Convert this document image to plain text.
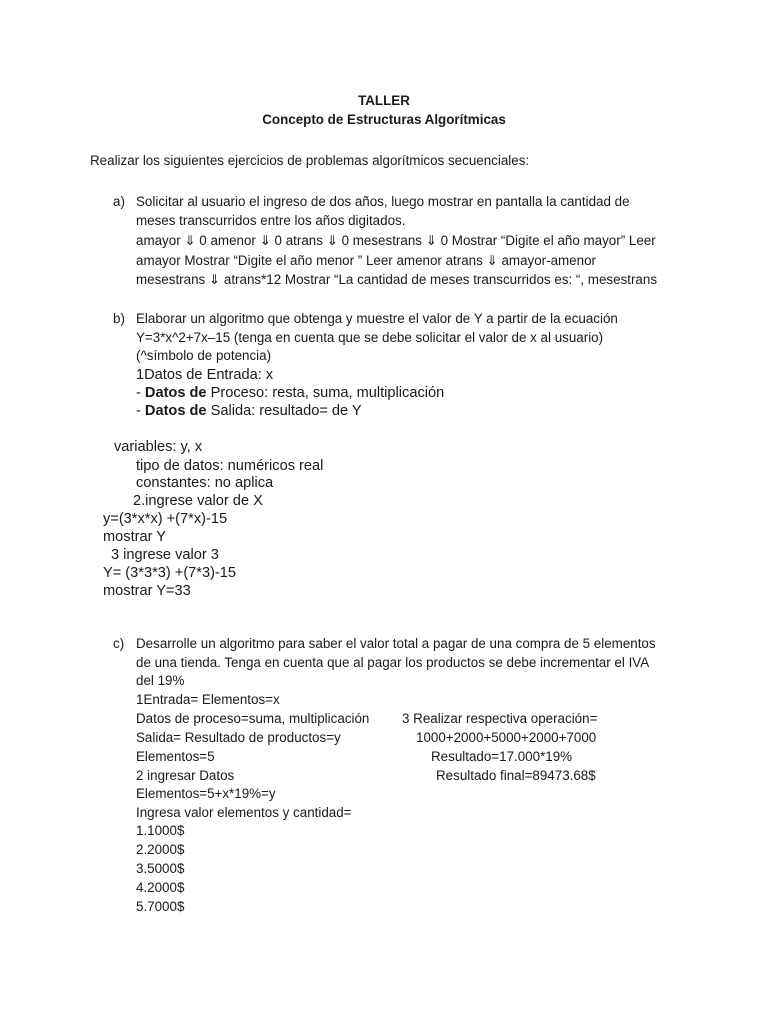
TALLER
Concepto de Estructuras Algorítmicas
Realizar los siguientes ejercicios de problemas algorítmicos secuenciales:
a) Solicitar al usuario el ingreso de dos años, luego mostrar en pantalla la cantidad de
meses transcurridos entre los años digitados.
amayor ⇓ 0 amenor ⇓ 0 atrans ⇓ 0 mesestrans ⇓ 0 Mostrar “Digite el año mayor” Leer
amayor Mostrar “Digite el año menor ” Leer amenor atrans ⇓ amayor-amenor
mesestrans ⇓ atrans*12 Mostrar “La cantidad de meses transcurridos es: “, mesestrans
b) Elaborar un algoritmo que obtenga y muestre el valor de Y a partir de la ecuación
Y=3*x^2+7x–15 (tenga en cuenta que se debe solicitar el valor de x al usuario)
(^símbolo de potencia)
1Datos de Entrada: x
- Datos de Proceso: resta, suma, multiplicación
- Datos de Salida: resultado= de Y
variables: y, x
tipo de datos: numéricos real
constantes: no aplica
2.ingrese valor de X
y=(3*x*x) +(7*x)-15
mostrar Y
3 ingrese valor 3
Y= (3*3*3) +(7*3)-15
mostrar Y=33
c) Desarrolle un algoritmo para saber el valor total a pagar de una compra de 5 elementos
de una tienda. Tenga en cuenta que al pagar los productos se debe incrementar el IVA
del 19%
1Entrada= Elementos=x
Datos de proceso=suma, multiplicación
Salida= Resultado de productos=y
Elementos=5
2 ingresar Datos
Elementos=5+x*19%=y
Ingresa valor elementos y cantidad=
1.1000$
2.2000$
3.5000$
4.2000$
5.7000$
3 Realizar respectiva operación=
1000+2000+5000+2000+7000
Resultado=17.000*19%
Resultado final=89473.68$
